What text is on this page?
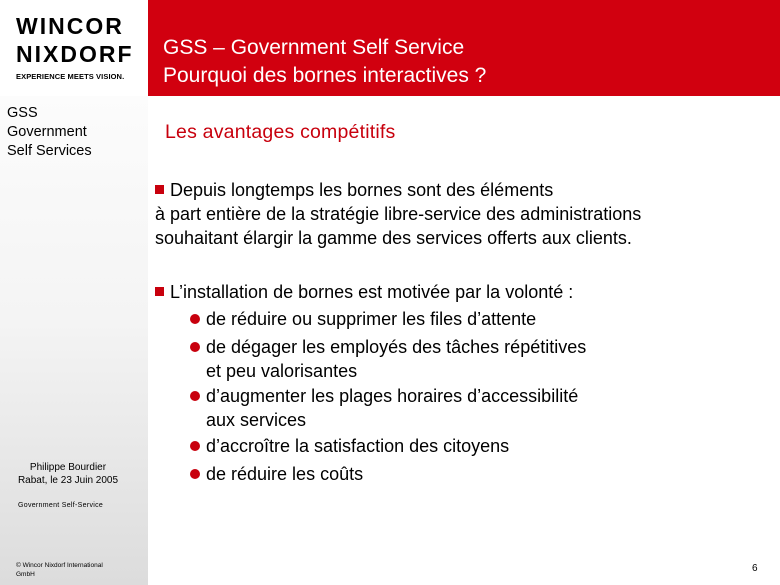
WINCOR
NIXDORF
EXPERIENCE MEETS VISION.
GSS – Government Self Service
Pourquoi des bornes interactives ?
GSS
Government
Self Services
Philippe Bourdier
Rabat, le 23 Juin 2005
Government Self-Service
© Wincor Nixdorf International
GmbH
Les avantages compétitifs
Depuis longtemps les bornes sont des éléments
à part entière de la stratégie libre-service des administrations
souhaitant élargir la gamme des services offerts aux clients.
L’installation de bornes est motivée par la volonté :
de réduire ou supprimer les files d’attente
de dégager les employés des tâches répétitives
et peu valorisantes
d’augmenter les plages horaires d’accessibilité
aux services
d’accroître la satisfaction des citoyens
de réduire les coûts
6
